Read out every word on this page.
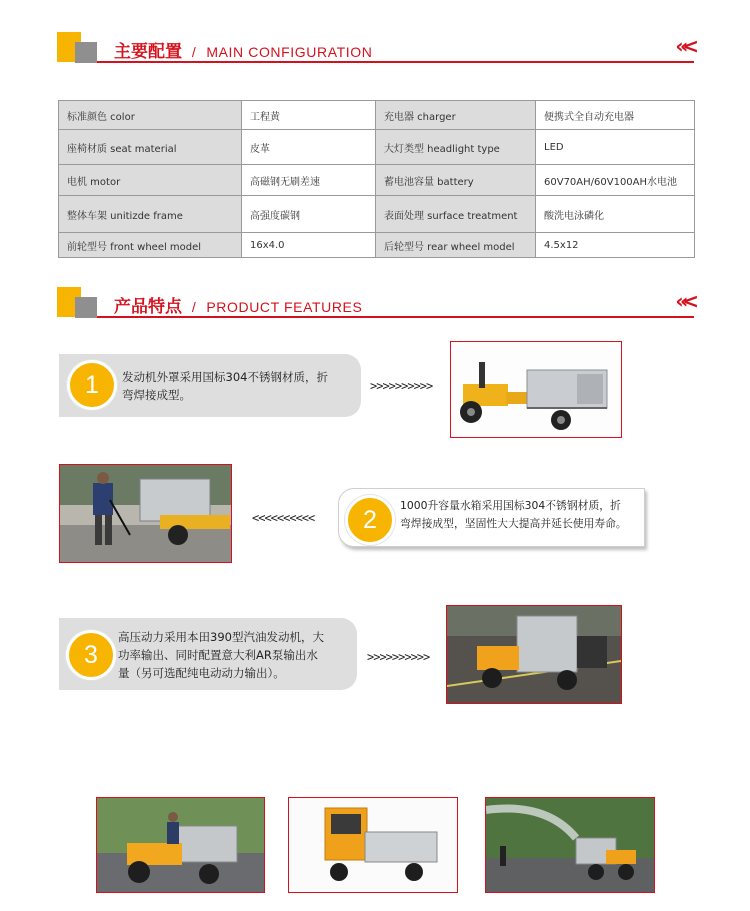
主要配置 / MAIN CONFIGURATION	«<
标准颜色 color	工程黄	充电器 charger	便携式全自动充电器
座椅材质 seat material	皮革	大灯类型 headlight type	LED
电机 motor	高磁钢无刷差速	蓄电池容量 battery	60V70AH/60V100AH水电池
整体车架 unitizde frame	高强度碳钢	表面处理 surface treatment	酸洗电泳磷化
前轮型号 front wheel model	16x4.0	后轮型号 rear wheel model	4.5x12
产品特点 / PRODUCT FEATURES	«<
1	发动机外罩采用国标304不锈钢材质，折
弯焊接成型。
>>>>>>>>>>
<<<<<<<<<<	2
1000升容量水箱采用国标304不锈钢材质，折
弯焊接成型，坚固性大大提高并延长使用寿命。
3
高压动力采用本田390型汽油发动机，大
功率输出、同时配置意大利AR泵输出水
量（另可选配纯电动动力输出）。
>>>>>>>>>>
